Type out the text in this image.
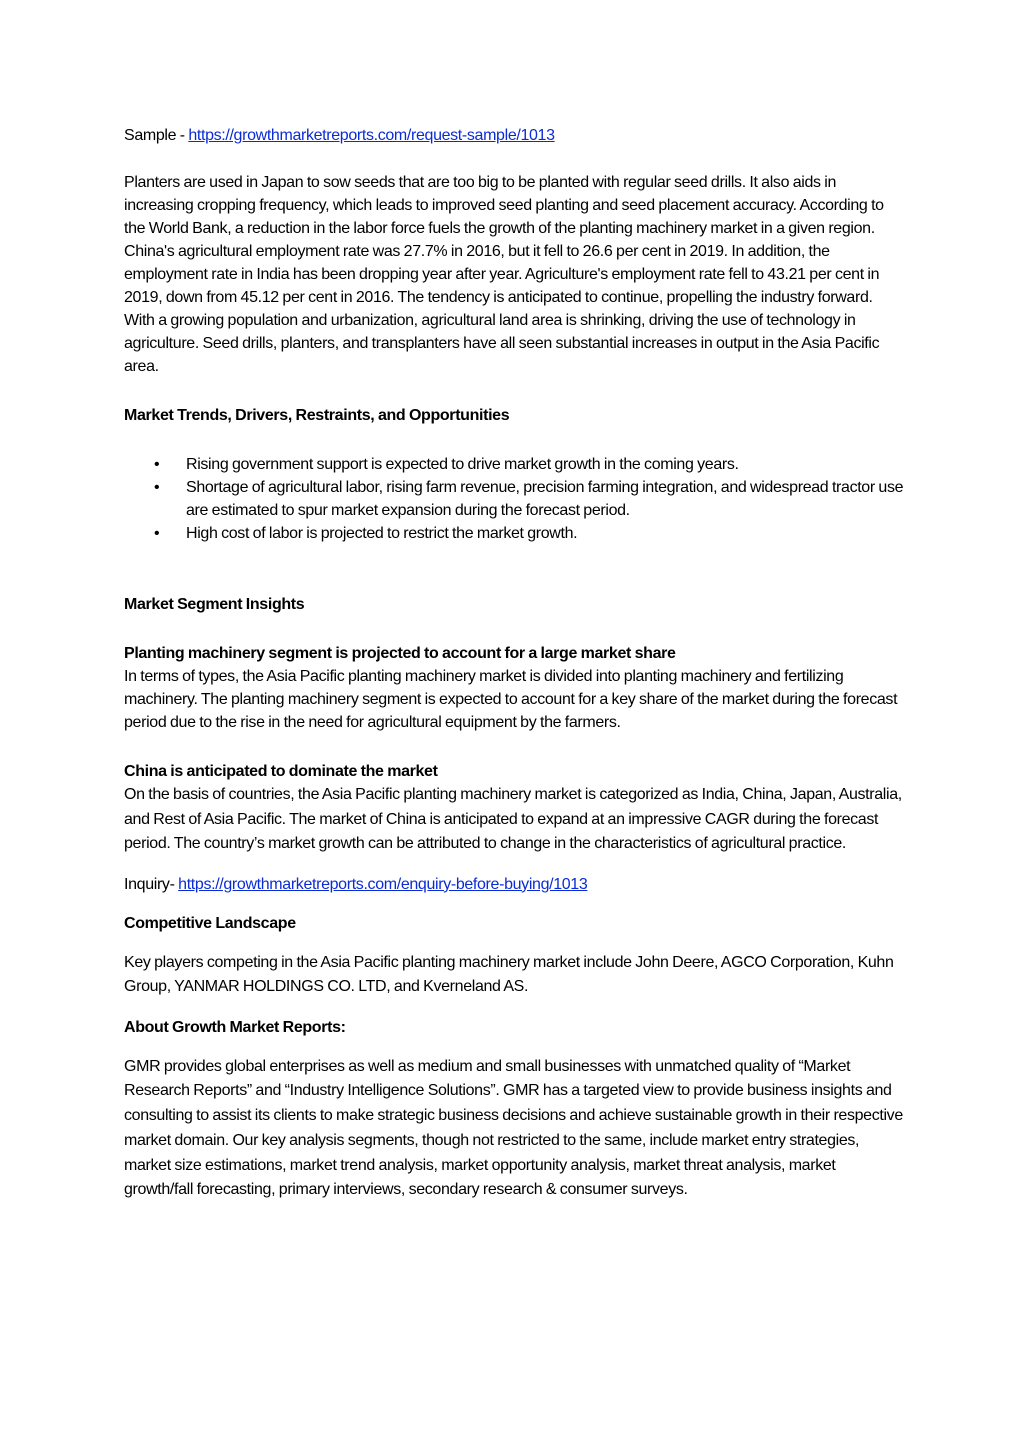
Sample - https://growthmarketreports.com/request-sample/1013

Planters are used in Japan to sow seeds that are too big to be planted with regular seed drills. It also aids in increasing cropping frequency, which leads to improved seed planting and seed placement accuracy. According to the World Bank, a reduction in the labor force fuels the growth of the planting machinery market in a given region. China's agricultural employment rate was 27.7% in 2016, but it fell to 26.6 per cent in 2019. In addition, the employment rate in India has been dropping year after year. Agriculture's employment rate fell to 43.21 per cent in 2019, down from 45.12 per cent in 2016. The tendency is anticipated to continue, propelling the industry forward. With a growing population and urbanization, agricultural land area is shrinking, driving the use of technology in agriculture. Seed drills, planters, and transplanters have all seen substantial increases in output in the Asia Pacific area.

Market Trends, Drivers, Restraints, and Opportunities

• Rising government support is expected to drive market growth in the coming years.
• Shortage of agricultural labor, rising farm revenue, precision farming integration, and widespread tractor use are estimated to spur market expansion during the forecast period.
• High cost of labor is projected to restrict the market growth.

Market Segment Insights

Planting machinery segment is projected to account for a large market share

In terms of types, the Asia Pacific planting machinery market is divided into planting machinery and fertilizing machinery. The planting machinery segment is expected to account for a key share of the market during the forecast period due to the rise in the need for agricultural equipment by the farmers.

China is anticipated to dominate the market

On the basis of countries, the Asia Pacific planting machinery market is categorized as India, China, Japan, Australia, and Rest of Asia Pacific. The market of China is anticipated to expand at an impressive CAGR during the forecast period. The country’s market growth can be attributed to change in the characteristics of agricultural practice.

Inquiry- https://growthmarketreports.com/enquiry-before-buying/1013

Competitive Landscape

Key players competing in the Asia Pacific planting machinery market include John Deere, AGCO Corporation, Kuhn Group, YANMAR HOLDINGS CO. LTD, and Kverneland AS.

About Growth Market Reports:

GMR provides global enterprises as well as medium and small businesses with unmatched quality of “Market Research Reports” and “Industry Intelligence Solutions”. GMR has a targeted view to provide business insights and consulting to assist its clients to make strategic business decisions and achieve sustainable growth in their respective market domain. Our key analysis segments, though not restricted to the same, include market entry strategies, market size estimations, market trend analysis, market opportunity analysis, market threat analysis, market growth/fall forecasting, primary interviews, secondary research & consumer surveys.
